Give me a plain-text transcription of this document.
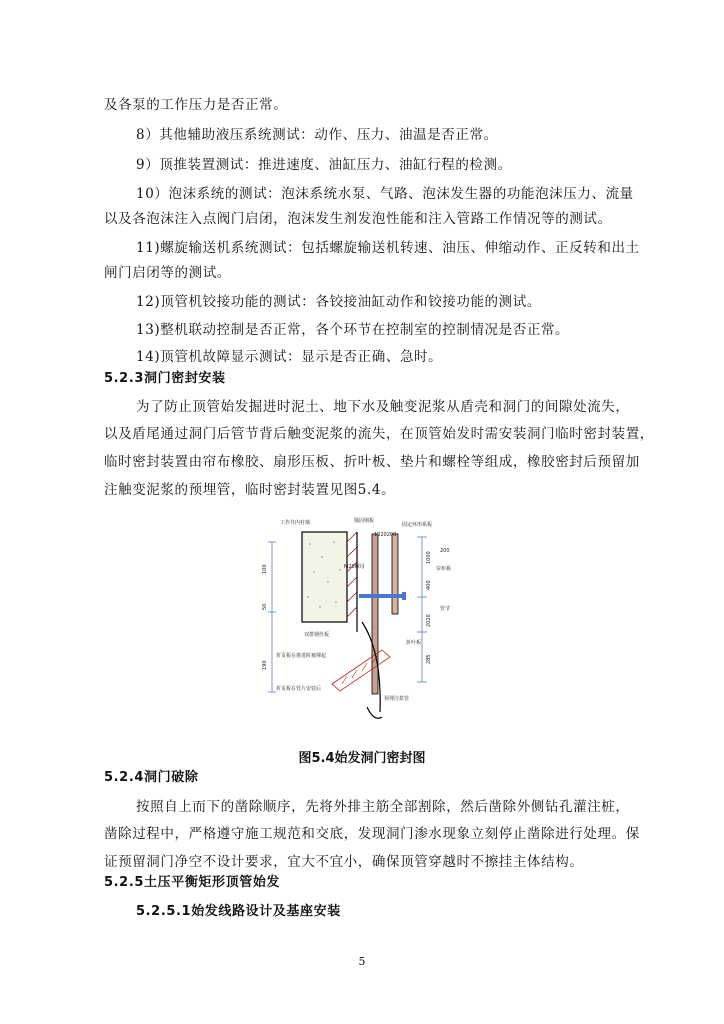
及各泵的工作压力是否正常。
8）其他辅助液压系统测试：动作、压力、油温是否正常。
9）顶推装置测试：推进速度、油缸压力、油缸行程的检测。
10）泡沫系统的测试：泡沫系统水泵、气路、泡沫发生器的功能泡沫压力、流量
以及各泡沫注入点阀门启闭，泡沫发生剂发泡性能和注入管路工作情况等的测试。
11)螺旋输送机系统测试：包括螺旋输送机转速、油压、伸缩动作、正反转和出土
闸门启闭等的测试。
12)顶管机铰接功能的测试：各铰接油缸动作和铰接功能的测试。
13)整机联动控制是否正常，各个环节在控制室的控制情况是否正常。
14)顶管机故障显示测试：显示是否正确、急时。
5.2.3洞门密封安装
为了防止顶管始发掘进时泥土、地下水及触变泥浆从盾壳和洞门的间隙处流失，
以及盾尾通过洞门后管节背后触变泥浆的流失，在顶管始发时需安装洞门临时密封装置，
临时密封装置由帘布橡胶、扇形压板、折叶板、垫片和螺栓等组成，橡胶密封后预留加
注触变泥浆的预埋管，临时密封装置见图5.4。
100
50
190
工作井内衬墙	锚固钢板
固定环形系板
1020200
M20螺母	帘布板
双排钢丝板
折叶板
折页板在推进时被撑起
折页板在管片安装后
预埋注浆管
管节
200
1000
400
2020
285
图5.4始发洞门密封图
5.2.4洞门破除
按照自上而下的凿除顺序，先将外排主筋全部割除，然后凿除外侧钻孔灌注桩，
凿除过程中，严格遵守施工规范和交底，发现洞门渗水现象立刻停止凿除进行处理。保
证预留洞门净空不设计要求，宜大不宜小，确保顶管穿越时不擦挂主体结构。
5.2.5土压平衡矩形顶管始发
5.2.5.1始发线路设计及基座安装
5
